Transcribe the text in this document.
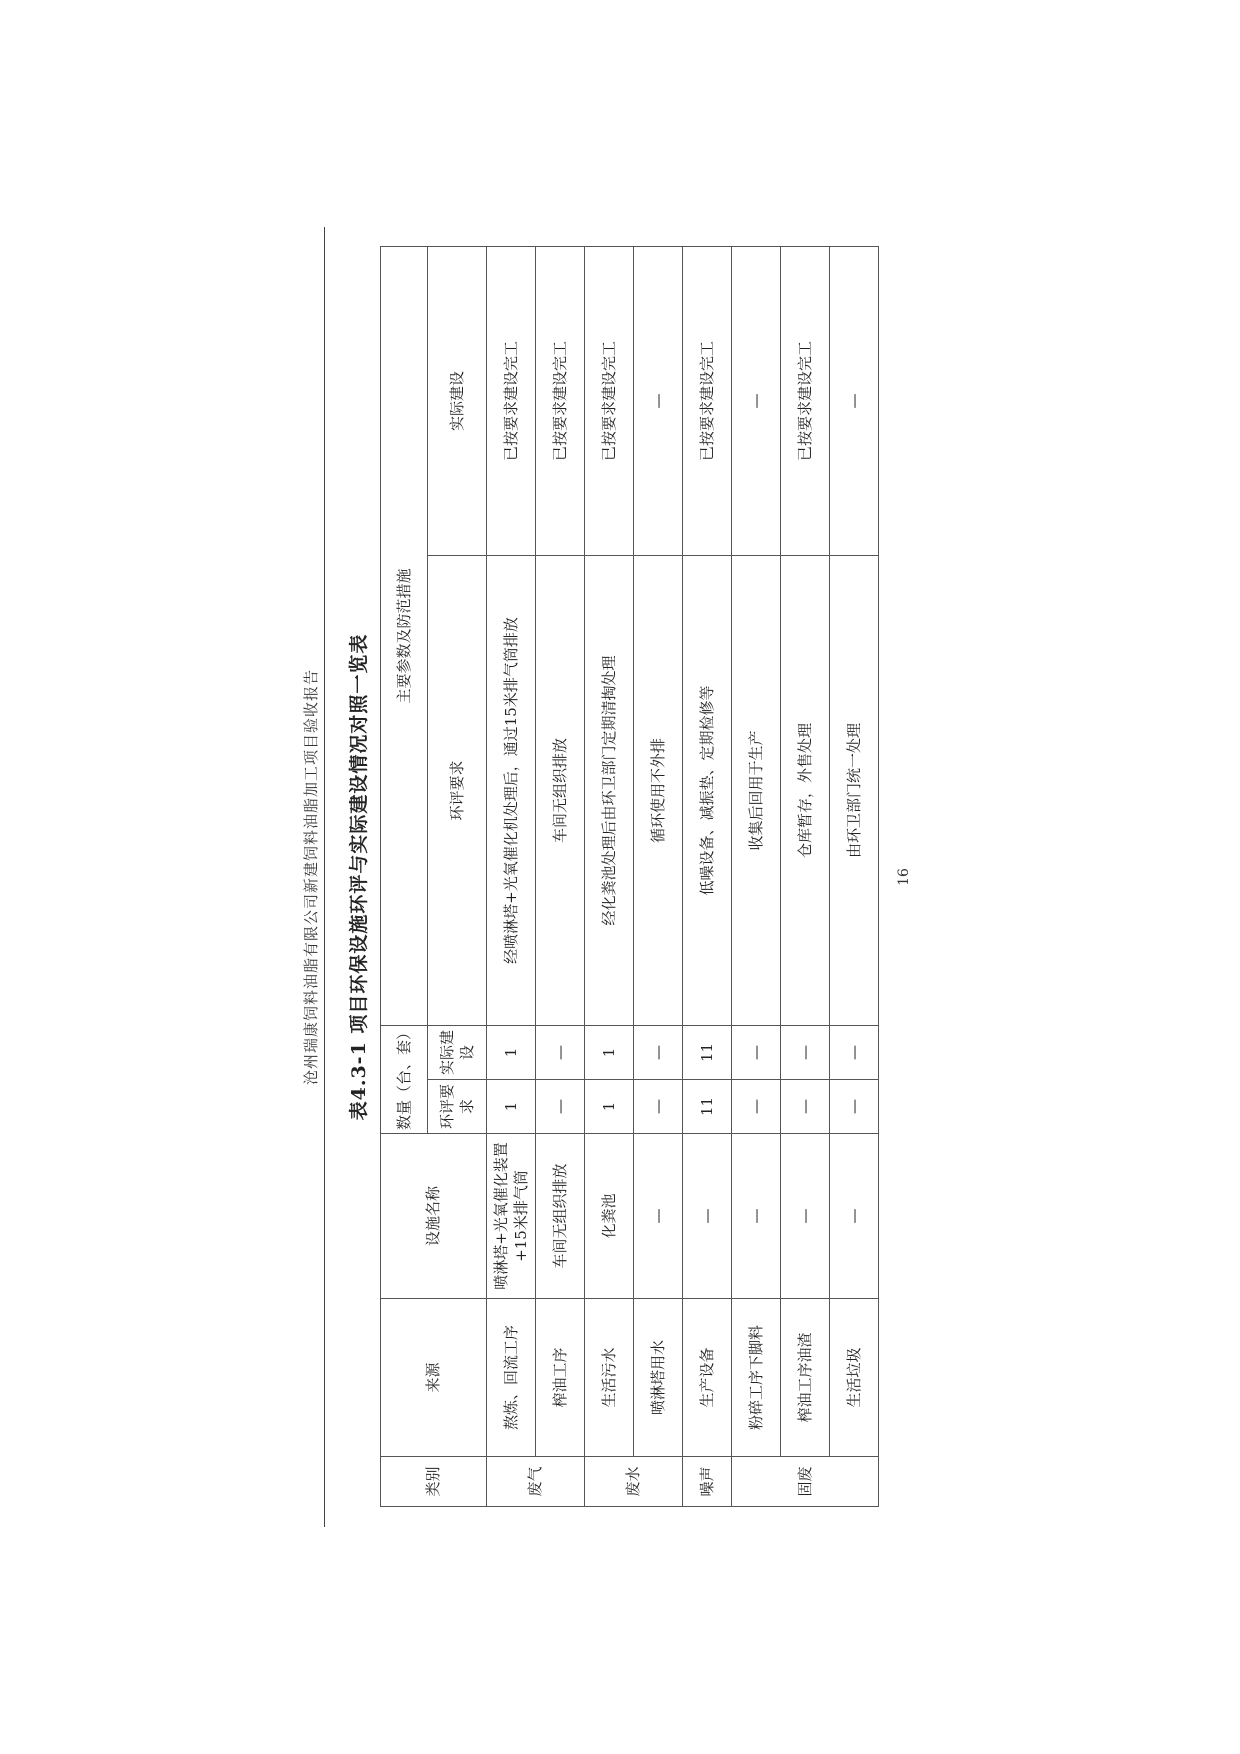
沧州瑞康饲料油脂有限公司新建饲料油脂加工项目验收报告 表4.3-1 项目环保设施环评与实际建设情况对照一览表
类别	来源	设施名称	数量（台、套）		主要参数及防范措施	
			环评要求	实际建设	环评要求	实际建设
废气	熬炼、回流工序	喷淋塔+光氧催化装置+15米排气筒	1	1	经喷淋塔+光氧催化机处理后，通过15米排气筒排放	已按要求建设完工
	榨油工序	车间无组织排放	—	—	车间无组织排放	已按要求建设完工
废水	生活污水	化粪池	1	1	经化粪池处理后由环卫部门定期清掏处理	已按要求建设完工
	喷淋塔用水	—	—	—	循环使用不外排	—
噪声	生产设备	—	11	11	低噪设备、减振垫、定期检修等	已按要求建设完工
固废	粉碎工序下脚料	—	—	—	收集后回用于生产	—
	榨油工序油渣	—	—	—	仓库暂存，外售处理	已按要求建设完工
	生活垃圾	—	—	—	由环卫部门统一处理	—
16
